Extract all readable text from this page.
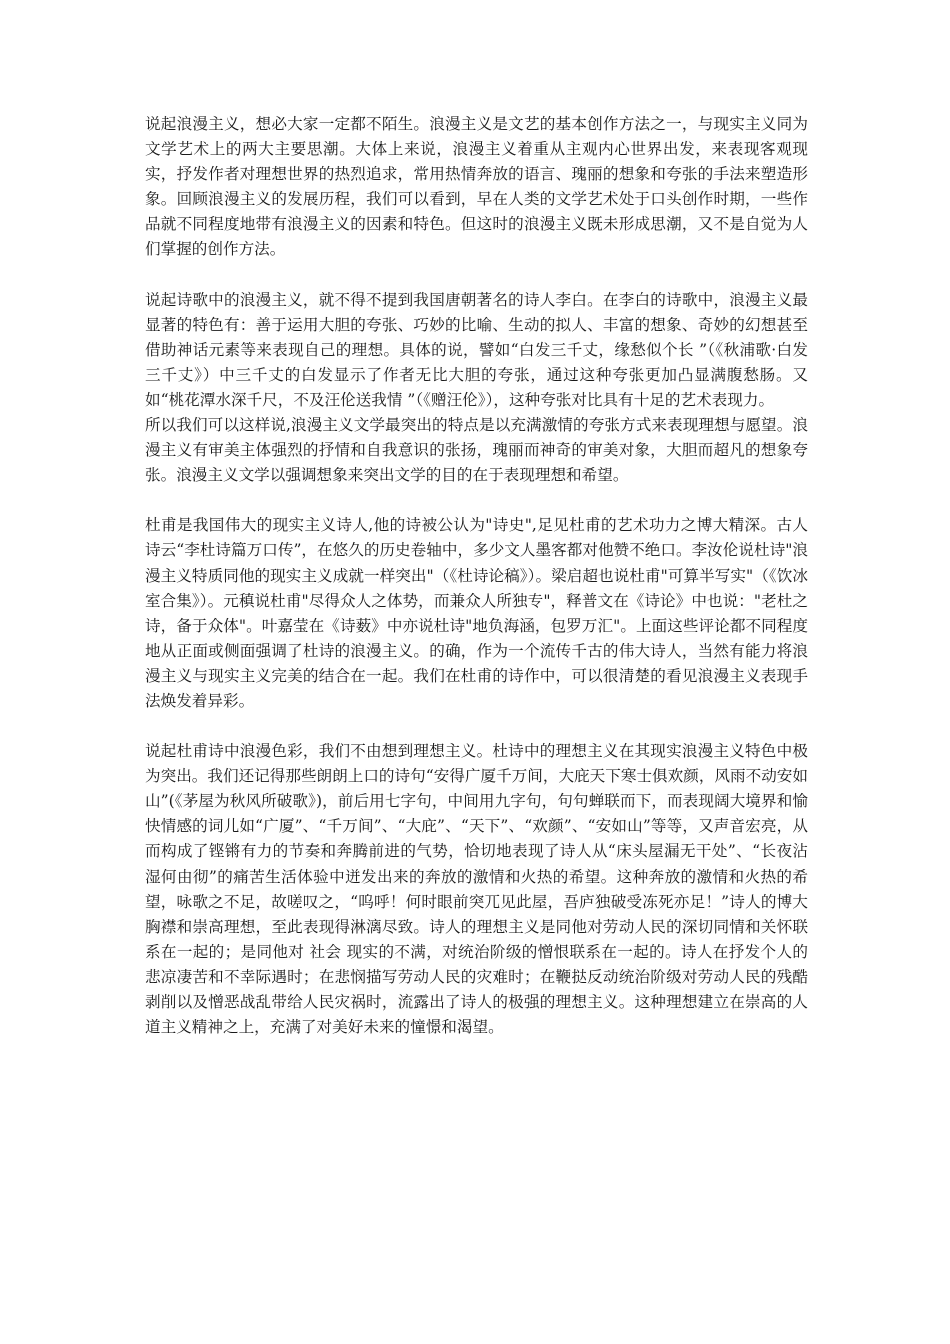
说起浪漫主义，想必大家一定都不陌生。浪漫主义是文艺的基本创作方法之一，与现实主义同为文学艺术上的两大主要思潮。大体上来说，浪漫主义着重从主观内心世界出发，来表现客观现实，抒发作者对理想世界的热烈追求，常用热情奔放的语言、瑰丽的想象和夸张的手法来塑造形象。回顾浪漫主义的发展历程，我们可以看到，早在人类的文学艺术处于口头创作时期，一些作品就不同程度地带有浪漫主义的因素和特色。但这时的浪漫主义既未形成思潮，又不是自觉为人们掌握的创作方法。

说起诗歌中的浪漫主义，就不得不提到我国唐朝著名的诗人李白。在李白的诗歌中，浪漫主义最显著的特色有：善于运用大胆的夸张、巧妙的比喻、生动的拟人、丰富的想象、奇妙的幻想甚至借助神话元素等来表现自己的理想。具体的说，譬如“白发三千丈，缘愁似个长 ”（《秋浦歌·白发三千丈》）中三千丈的白发显示了作者无比大胆的夸张，通过这种夸张更加凸显满腹愁肠。又如“桃花潭水深千尺，不及汪伦送我情 ”（《赠汪伦》），这种夸张对比具有十足的艺术表现力。

所以我们可以这样说,浪漫主义文学最突出的特点是以充满激情的夸张方式来表现理想与愿望。浪漫主义有审美主体强烈的抒情和自我意识的张扬，瑰丽而神奇的审美对象，大胆而超凡的想象夸张。浪漫主义文学以强调想象来突出文学的目的在于表现理想和希望。

杜甫是我国伟大的现实主义诗人,他的诗被公认为"诗史",足见杜甫的艺术功力之博大精深。古人诗云“李杜诗篇万口传”，在悠久的历史卷轴中，多少文人墨客都对他赞不绝口。李汝伦说杜诗"浪漫主义特质同他的现实主义成就一样突出"（《杜诗论稿》）。梁启超也说杜甫"可算半写实"（《饮冰室合集》）。元稹说杜甫"尽得众人之体势，而兼众人所独专"，释普文在《诗论》中也说："老杜之诗，备于众体"。叶嘉莹在《诗薮》中亦说杜诗"地负海涵，包罗万汇"。上面这些评论都不同程度地从正面或侧面强调了杜诗的浪漫主义。的确，作为一个流传千古的伟大诗人，当然有能力将浪漫主义与现实主义完美的结合在一起。我们在杜甫的诗作中，可以很清楚的看见浪漫主义表现手法焕发着异彩。

说起杜甫诗中浪漫色彩，我们不由想到理想主义。杜诗中的理想主义在其现实浪漫主义特色中极为突出。我们还记得那些朗朗上口的诗句“安得广厦千万间，大庇天下寒士俱欢颜，风雨不动安如山”(《茅屋为秋风所破歌》)，前后用七字句，中间用九字句，句句蝉联而下，而表现阔大境界和愉快情感的词儿如“广厦”、“千万间”、“大庇”、“天下”、“欢颜”、“安如山”等等，又声音宏亮，从而构成了铿锵有力的节奏和奔腾前进的气势，恰切地表现了诗人从“床头屋漏无干处”、“长夜沾湿何由彻”的痛苦生活体验中迸发出来的奔放的激情和火热的希望。这种奔放的激情和火热的希望，咏歌之不足，故嗟叹之，“呜呼！何时眼前突兀见此屋，吾庐独破受冻死亦足！”诗人的博大胸襟和崇高理想，至此表现得淋漓尽致。诗人的理想主义是同他对劳动人民的深切同情和关怀联系在一起的；是同他对 社会 现实的不满，对统治阶级的憎恨联系在一起的。诗人在抒发个人的悲凉凄苦和不幸际遇时；在悲悯描写劳动人民的灾难时；在鞭挞反动统治阶级对劳动人民的残酷剥削以及憎恶战乱带给人民灾祸时，流露出了诗人的极强的理想主义。这种理想建立在崇高的人道主义精神之上，充满了对美好未来的憧憬和渴望。
